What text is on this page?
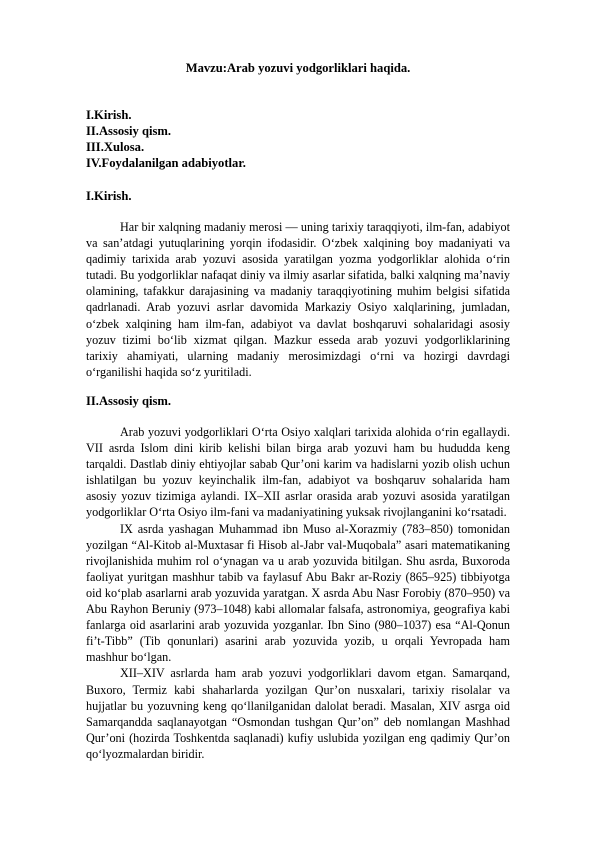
Mavzu:Arab yozuvi yodgorliklari haqida.
I.Kirish.
II.Assosiy qism.
III.Xulosa.
IV.Foydalanilgan adabiyotlar.
I.Kirish.

Har bir xalqning madaniy merosi — uning tarixiy taraqqiyoti, ilm-fan, adabiyot va san’atdagi yutuqlarining yorqin ifodasidir. O‘zbek xalqining boy madaniyati va qadimiy tarixida arab yozuvi asosida yaratilgan yozma yodgorliklar alohida o‘rin tutadi. Bu yodgorliklar nafaqat diniy va ilmiy asarlar sifatida, balki xalqning ma’naviy olamining, tafakkur darajasining va madaniy taraqqiyotining muhim belgisi sifatida qadrlanadi. Arab yozuvi asrlar davomida Markaziy Osiyo xalqlarining, jumladan, o‘zbek xalqining ham ilm-fan, adabiyot va davlat boshqaruvi sohalaridagi asosiy yozuv tizimi bo‘lib xizmat qilgan. Mazkur esseda arab yozuvi yodgorliklarining tarixiy ahamiyati, ularning madaniy merosimizdagi o‘rni va hozirgi davrdagi o‘rganilishi haqida so‘z yuritiladi.

II.Assosiy qism.

Arab yozuvi yodgorliklari O‘rta Osiyo xalqlari tarixida alohida o‘rin egallaydi. VII asrda Islom dini kirib kelishi bilan birga arab yozuvi ham bu hududda keng tarqaldi. Dastlab diniy ehtiyojlar sabab Qur’oni karim va hadislarni yozib olish uchun ishlatilgan bu yozuv keyinchalik ilm-fan, adabiyot va boshqaruv sohalarida ham asosiy yozuv tizimiga aylandi. IX–XII asrlar orasida arab yozuvi asosida yaratilgan yodgorliklar O‘rta Osiyo ilm-fani va madaniyatining yuksak rivojlanganini ko‘rsatadi.

IX asrda yashagan Muhammad ibn Muso al-Xorazmiy (783–850) tomonidan yozilgan “Al-Kitob al-Muxtasar fi Hisob al-Jabr val-Muqobala” asari matematikaning rivojlanishida muhim rol o‘ynagan va u arab yozuvida bitilgan. Shu asrda, Buxoroda faoliyat yuritgan mashhur tabib va faylasuf Abu Bakr ar-Roziy (865–925) tibbiyotga oid ko‘plab asarlarni arab yozuvida yaratgan. X asrda Abu Nasr Forobiy (870–950) va Abu Rayhon Beruniy (973–1048) kabi allomalar falsafa, astronomiya, geografiya kabi fanlarga oid asarlarini arab yozuvida yozganlar. Ibn Sino (980–1037) esa “Al-Qonun fi’t-Tibb” (Tib qonunlari) asarini arab yozuvida yozib, u orqali Yevropada ham mashhur bo‘lgan.

XII–XIV asrlarda ham arab yozuvi yodgorliklari davom etgan. Samarqand, Buxoro, Termiz kabi shaharlarda yozilgan Qur’on nusxalari, tarixiy risolalar va hujjatlar bu yozuvning keng qo‘llanilganidan dalolat beradi. Masalan, XIV asrga oid Samarqandda saqlanayotgan “Osmondan tushgan Qur’on” deb nomlangan Mashhad Qur’oni (hozirda Toshkentda saqlanadi) kufiy uslubida yozilgan eng qadimiy Qur’on qo‘lyozmalardan biridir.
